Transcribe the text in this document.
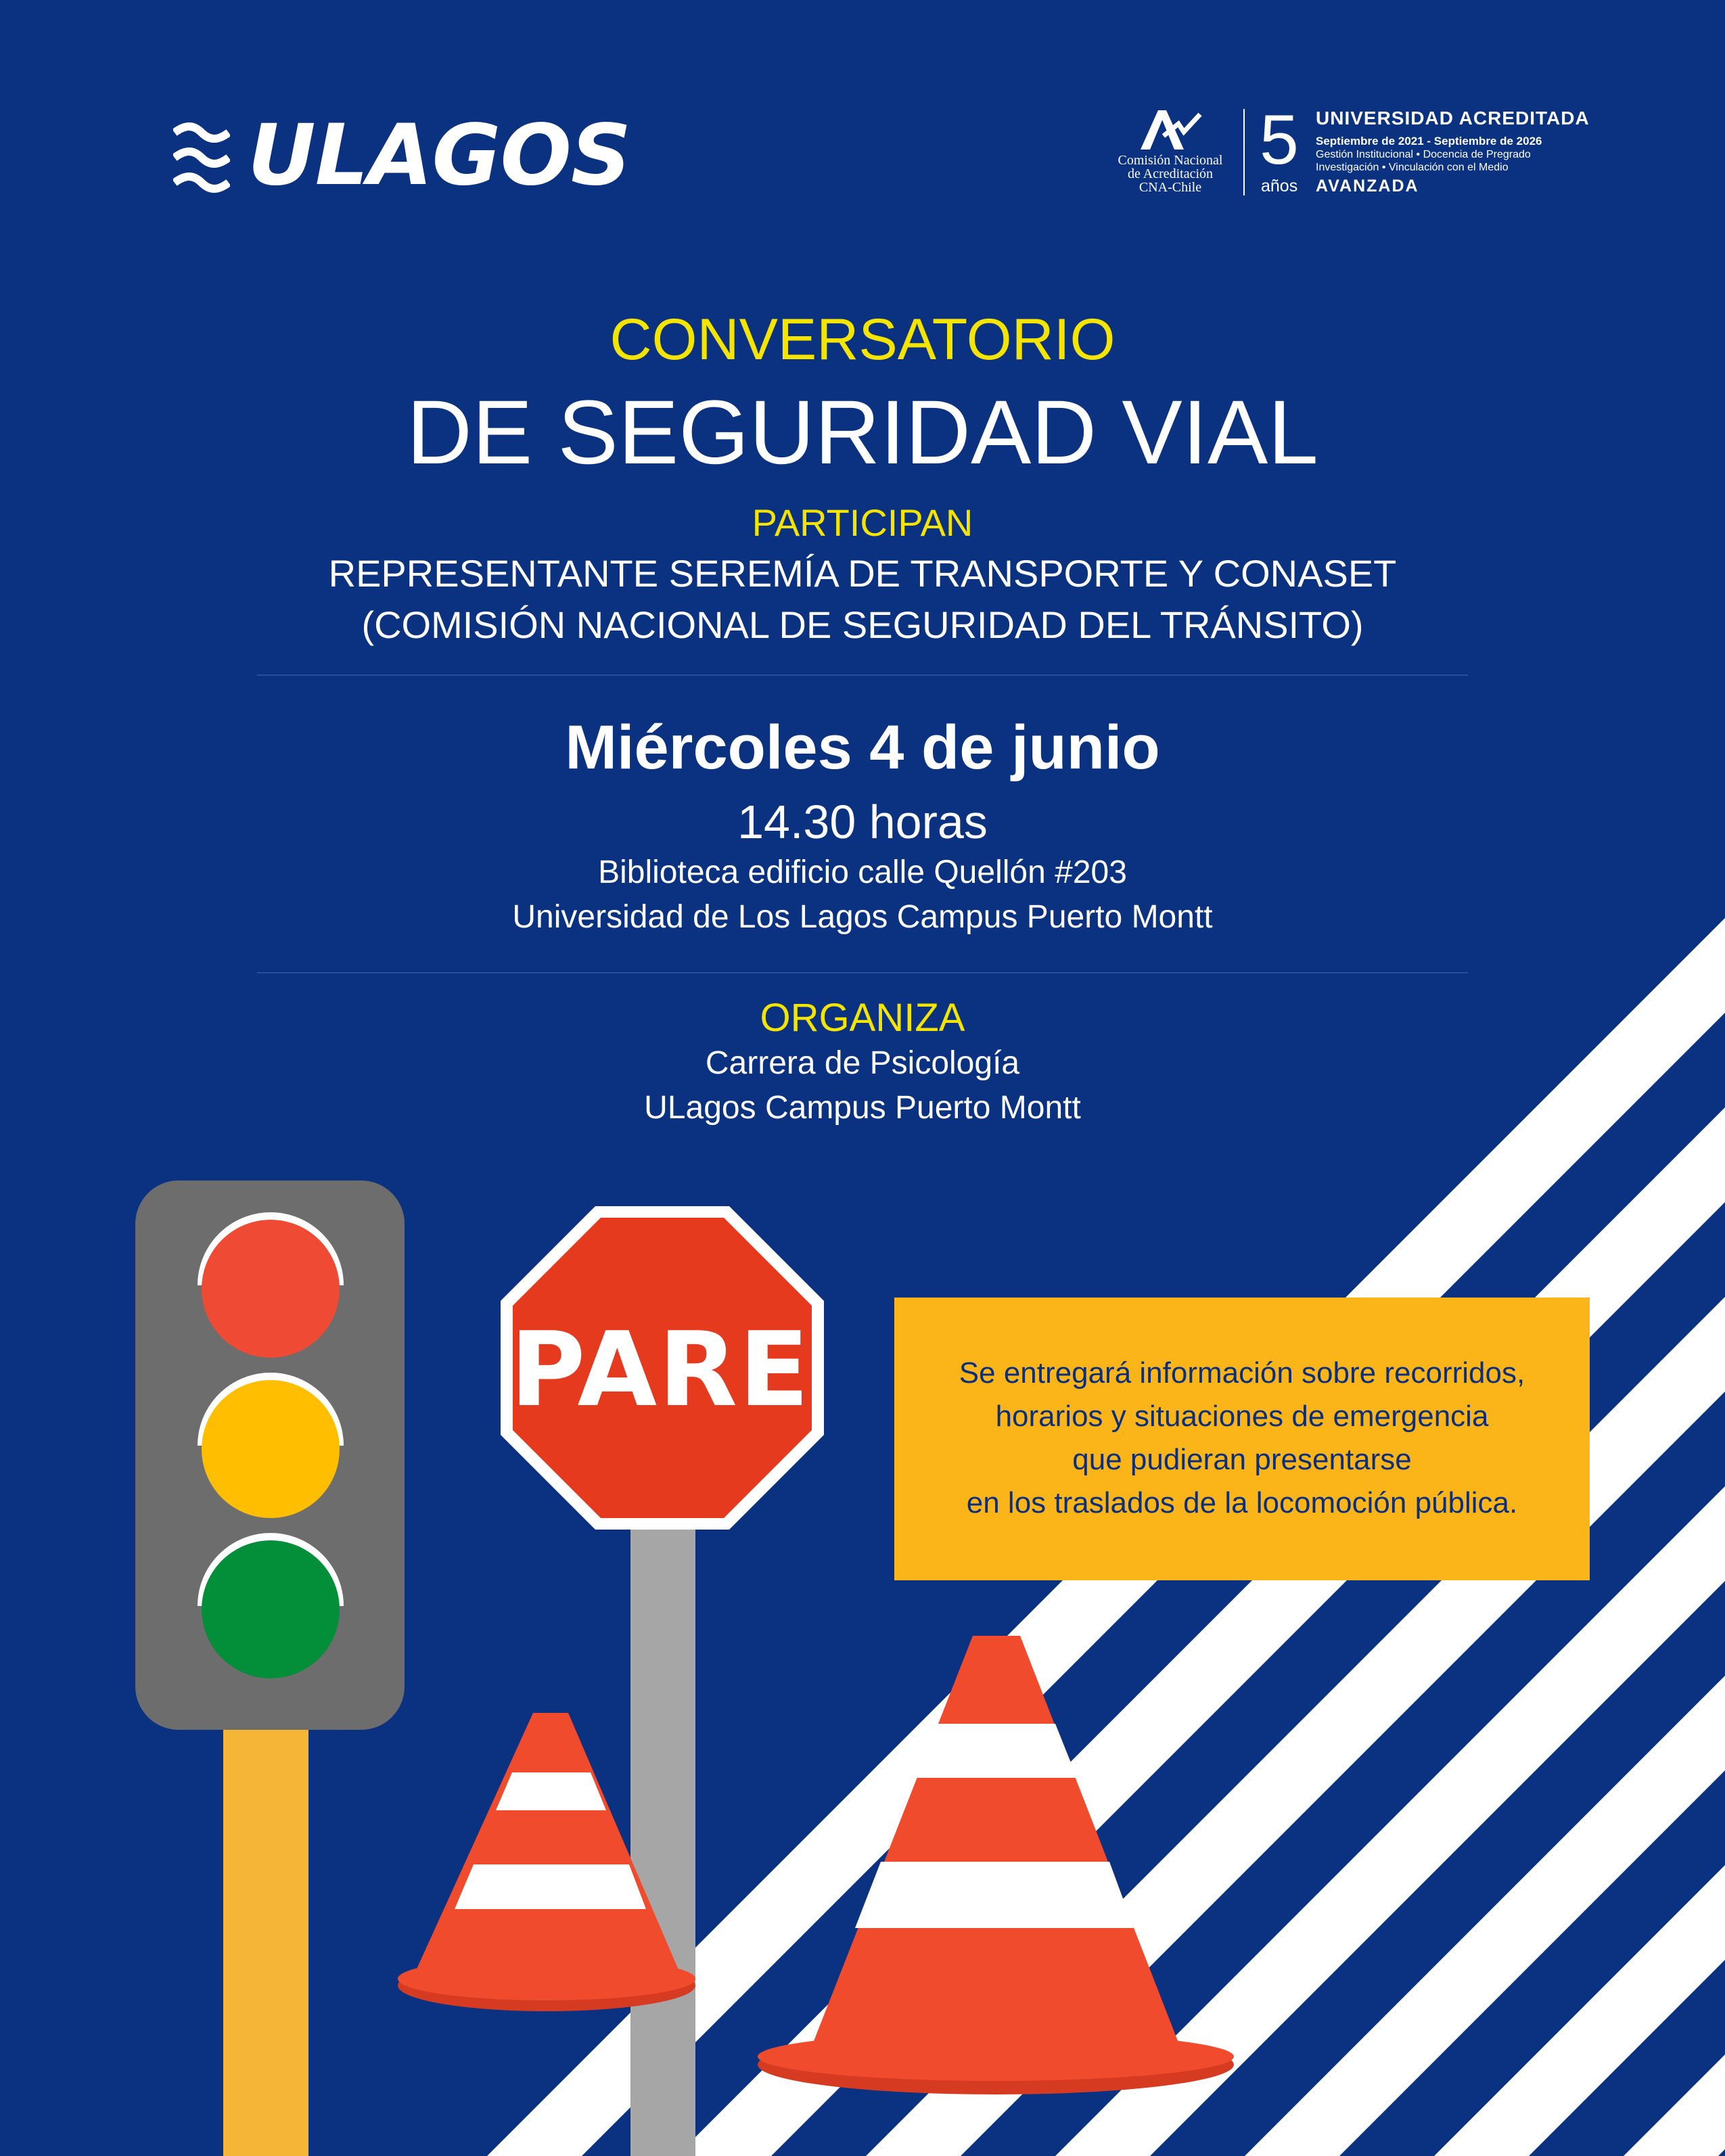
ULAGOS	Comisión Nacional
de Acreditación
CNA-Chile
5
años
UNIVERSIDAD ACREDITADA
Septiembre de 2021 - Septiembre de 2026
Gestión Institucional • Docencia de Pregrado
Investigación • Vinculación con el Medio
AVANZADA
CONVERSATORIO
DE SEGURIDAD VIAL
PARTICIPAN
REPRESENTANTE SEREMÍA DE TRANSPORTE Y CONASET
(COMISIÓN NACIONAL DE SEGURIDAD DEL TRÁNSITO)
Miércoles 4 de junio
14.30 horas
Biblioteca edificio calle Quellón #203
Universidad de Los Lagos Campus Puerto Montt
ORGANIZA
Carrera de Psicología
ULagos Campus Puerto Montt
PARE	Se entregará información sobre recorridos,
horarios y situaciones de emergencia
que pudieran presentarse
en los traslados de la locomoción pública.
